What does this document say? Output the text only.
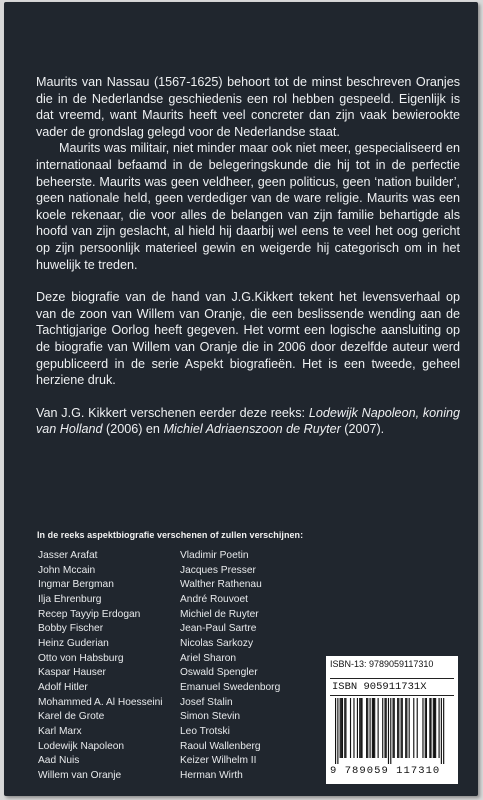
Maurits van Nassau (1567-1625) behoort tot de minst beschreven Oranjes die in de Nederlandse geschiedenis een rol hebben gespeeld. Eigenlijk is dat vreemd, want Maurits heeft veel concreter dan zijn vaak bewierookte vader de grondslag gelegd voor de Nederlandse staat.

Maurits was militair, niet minder maar ook niet meer, gespecialiseerd en internationaal befaamd in de belegeringskunde die hij tot in de perfectie beheerste. Maurits was geen veldheer, geen politicus, geen ‘nation builder’, geen nationale held, geen verdediger van de ware religie. Maurits was een koele rekenaar, die voor alles de belangen van zijn familie behartigde als hoofd van zijn geslacht, al hield hij daarbij wel eens te veel het oog gericht op zijn persoonlijk materieel gewin en weigerde hij categorisch om in het huwelijk te treden.

Deze biografie van de hand van J.G.Kikkert tekent het levensverhaal op van de zoon van Willem van Oranje, die een beslissende wending aan de Tachtigjarige Oorlog heeft gegeven. Het vormt een logische aansluiting op de biografie van Willem van Oranje die in 2006 door dezelfde auteur werd gepubliceerd in de serie Aspekt biografieën. Het is een tweede, geheel herziene druk.

Van J.G. Kikkert verschenen eerder deze reeks: Lodewijk Napoleon, koning van Holland (2006) en Michiel Adriaenszoon de Ruyter (2007).

In de reeks aspektbiografie verschenen of zullen verschijnen:
Jasser Arafat
John Mccain
Ingmar Bergman
Ilja Ehrenburg
Recep Tayyip Erdogan
Bobby Fischer
Heinz Guderian
Otto von Habsburg
Kaspar Hauser
Adolf Hitler
Mohammed A. Al Hoesseini
Karel de Grote
Karl Marx
Lodewijk Napoleon
Aad Nuis
Willem van Oranje
Vladimir Poetin
Jacques Presser
Walther Rathenau
André Rouvoet
Michiel de Ruyter
Jean-Paul Sartre
Nicolas Sarkozy
Ariel Sharon
Oswald Spengler
Emanuel Swedenborg
Josef Stalin
Simon Stevin
Leo Trotski
Raoul Wallenberg
Keizer Wilhelm II
Herman Wirth
ISBN-13: 9789059117310
ISBN 905911731X
9 789059 117310
